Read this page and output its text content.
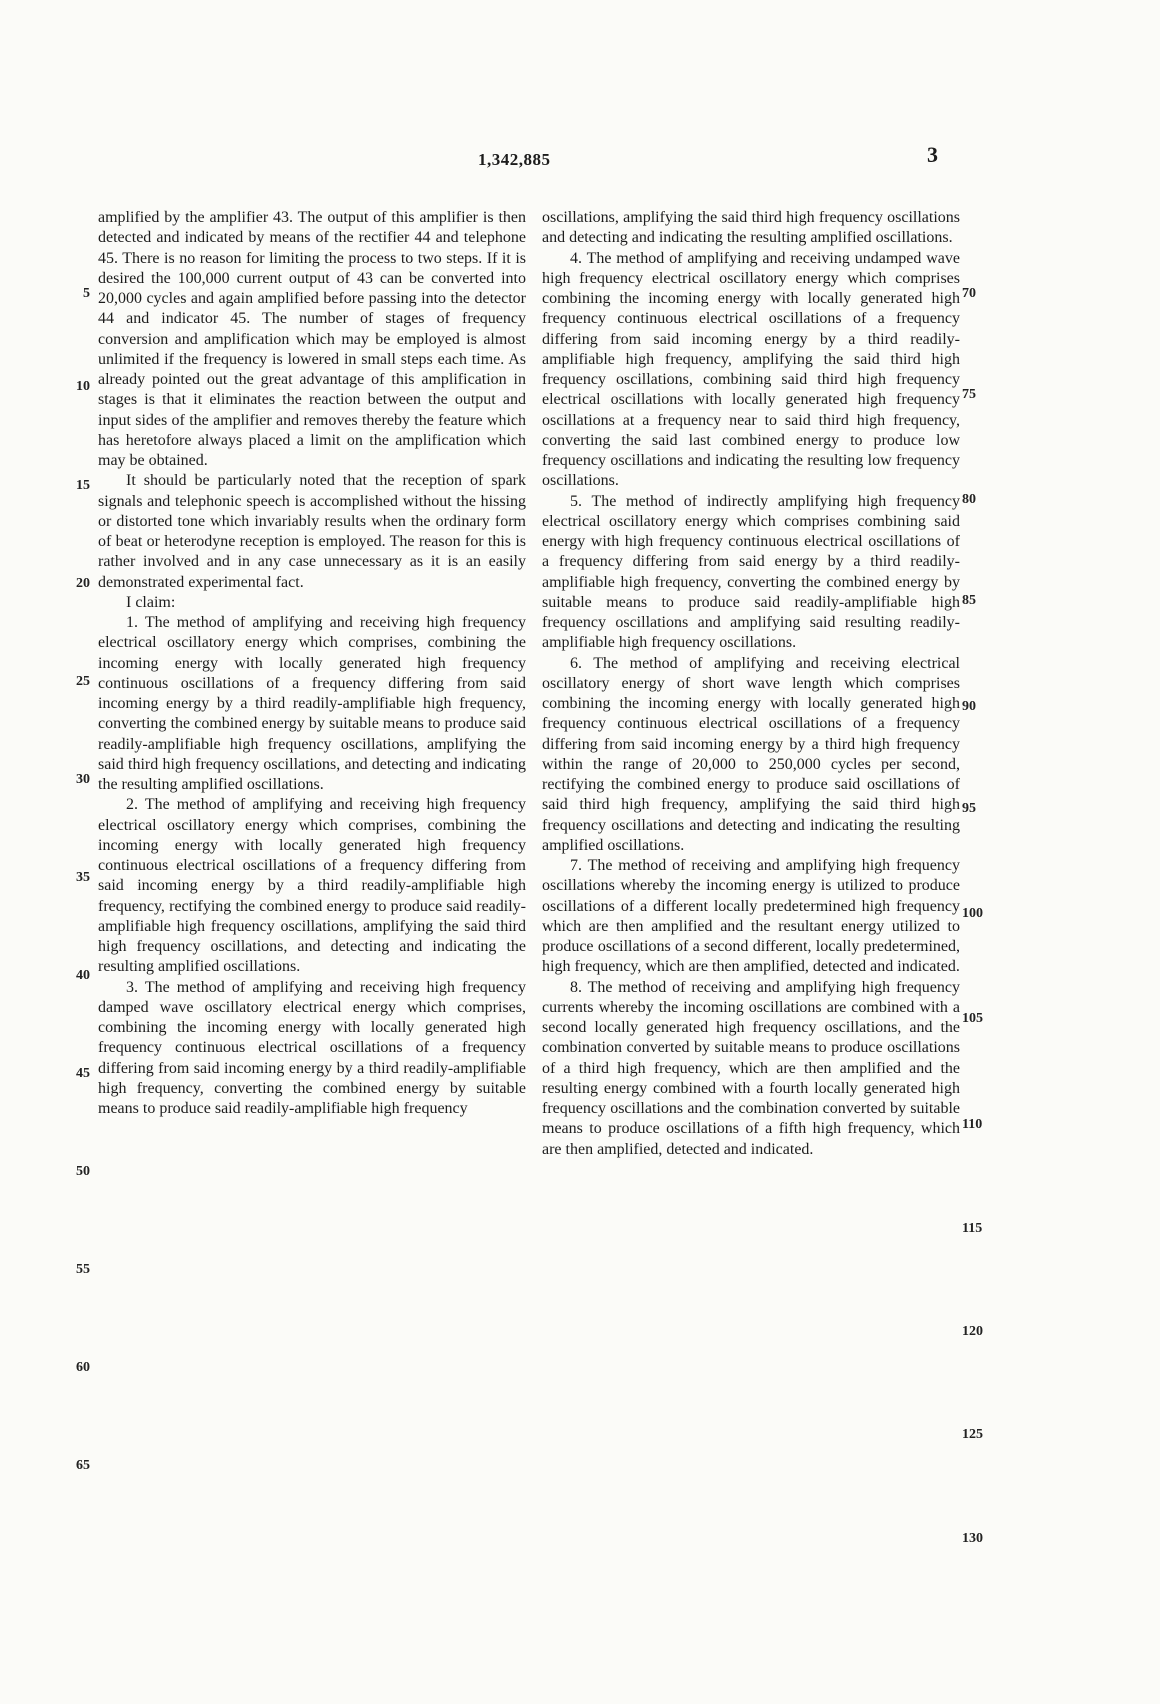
1,342,885	3
5
10
15
20
25
30
35
40
45
50
55
60
65
70
75
80
85
90
95
100
105
110
115
120
125
130

amplified by the amplifier 43. The output of this amplifier is then detected and indicated by means of the rectifier 44 and telephone 45. There is no reason for limiting the process to two steps. If it is desired the 100,000 current output of 43 can be converted into 20,000 cycles and again amplified before passing into the detector 44 and indicator 45. The number of stages of frequency conversion and amplification which may be employed is almost unlimited if the frequency is lowered in small steps each time. As already pointed out the great advantage of this amplification in stages is that it eliminates the reaction between the output and input sides of the amplifier and removes thereby the feature which has heretofore always placed a limit on the amplification which may be obtained.

It should be particularly noted that the reception of spark signals and telephonic speech is accomplished without the hissing or distorted tone which invariably results when the ordinary form of beat or heterodyne reception is employed. The reason for this is rather involved and in any case unnecessary as it is an easily demonstrated experimental fact.

I claim:

1. The method of amplifying and receiving high frequency electrical oscillatory energy which comprises, combining the incoming energy with locally generated high frequency continuous oscillations of a frequency differing from said incoming energy by a third readily-amplifiable high frequency, converting the combined energy by suitable means to produce said readily-amplifiable high frequency oscillations, amplifying the said third high frequency oscillations, and detecting and indicating the resulting amplified oscillations.

2. The method of amplifying and receiving high frequency electrical oscillatory energy which comprises, combining the incoming energy with locally generated high frequency continuous electrical oscillations of a frequency differing from said incoming energy by a third readily-amplifiable high frequency, rectifying the combined energy to produce said readily-amplifiable high frequency oscillations, amplifying the said third high frequency oscillations, and detecting and indicating the resulting amplified oscillations.

3. The method of amplifying and receiving high frequency damped wave oscillatory electrical energy which comprises, combining the incoming energy with locally generated high frequency continuous electrical oscillations of a frequency differing from said incoming energy by a third readily-amplifiable high frequency, converting the combined energy by suitable means to produce said readily-amplifiable high frequency

oscillations, amplifying the said third high frequency oscillations and detecting and indicating the resulting amplified oscillations.

4. The method of amplifying and receiving undamped wave high frequency electrical oscillatory energy which comprises combining the incoming energy with locally generated high frequency continuous electrical oscillations of a frequency differing from said incoming energy by a third readily-amplifiable high frequency, amplifying the said third high frequency oscillations, combining said third high frequency electrical oscillations with locally generated high frequency oscillations at a frequency near to said third high frequency, converting the said last combined energy to produce low frequency oscillations and indicating the resulting low frequency oscillations.

5. The method of indirectly amplifying high frequency electrical oscillatory energy which comprises combining said energy with high frequency continuous electrical oscillations of a frequency differing from said energy by a third readily-amplifiable high frequency, converting the combined energy by suitable means to produce said readily-amplifiable high frequency oscillations and amplifying said resulting readily-amplifiable high frequency oscillations.

6. The method of amplifying and receiving electrical oscillatory energy of short wave length which comprises combining the incoming energy with locally generated high frequency continuous electrical oscillations of a frequency differing from said incoming energy by a third high frequency within the range of 20,000 to 250,000 cycles per second, rectifying the combined energy to produce said oscillations of said third high frequency, amplifying the said third high frequency oscillations and detecting and indicating the resulting amplified oscillations.

7. The method of receiving and amplifying high frequency oscillations whereby the incoming energy is utilized to produce oscillations of a different locally predetermined high frequency which are then amplified and the resultant energy utilized to produce oscillations of a second different, locally predetermined, high frequency, which are then amplified, detected and indicated.

8. The method of receiving and amplifying high frequency currents whereby the incoming oscillations are combined with a second locally generated high frequency oscillations, and the combination converted by suitable means to produce oscillations of a third high frequency, which are then amplified and the resulting energy combined with a fourth locally generated high frequency oscillations and the combination converted by suitable means to produce oscillations of a fifth high frequency, which are then amplified, detected and indicated.
